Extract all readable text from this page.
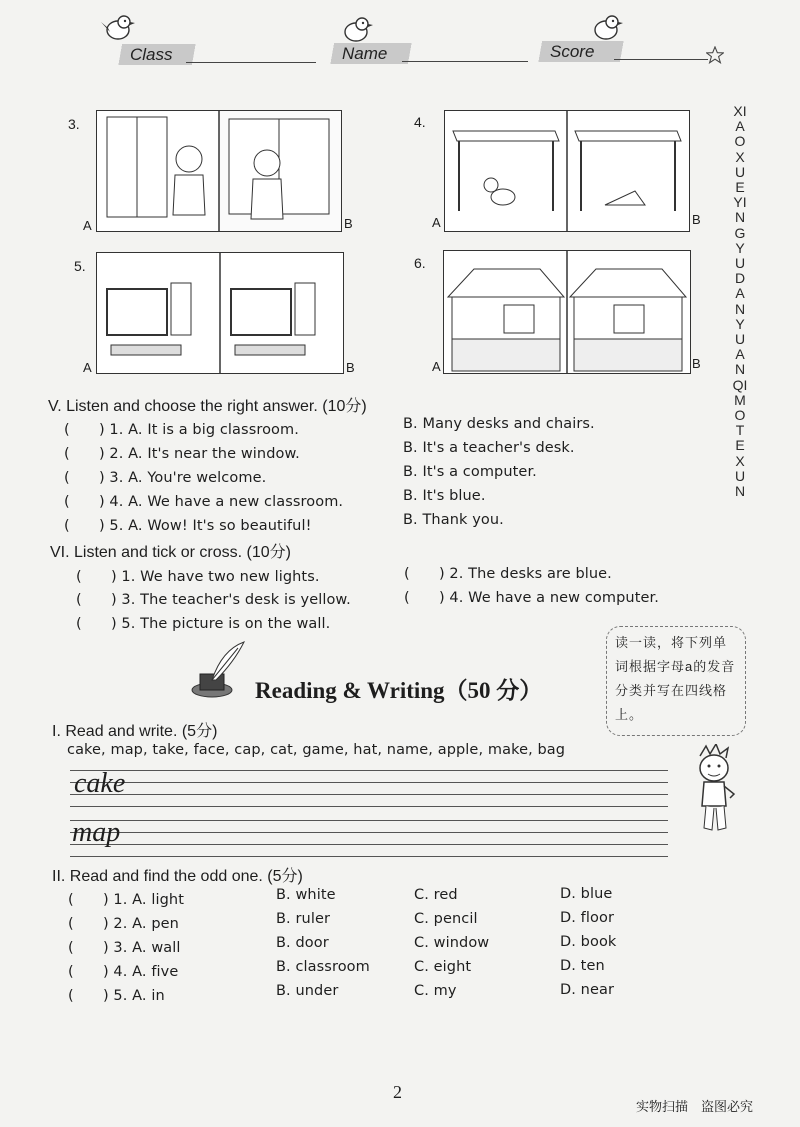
Class	Name	Score
XIAOXUEYINGYUDANYUANQIMOTEXUN
3.
A	B
4.
A	B
5.
A	B
6.
A	B
V. Listen and choose the right answer. (10分)
(　　) 1. A. It is a big classroom.	B. Many desks and chairs.
(　　) 2. A. It's near the window.	B. It's a teacher's desk.
(　　) 3. A. You're welcome.	B. It's a computer.
(　　) 4. A. We have a new classroom.	B. It's blue.
(　　) 5. A. Wow! It's so beautiful!	B. Thank you.
VI. Listen and tick or cross. (10分)
(　　) 1. We have two new lights.	(　　) 2. The desks are blue.
(　　) 3. The teacher's desk is yellow.	(　　) 4. We have a new computer.
(　　) 5. The picture is on the wall.
Reading & Writing（50 分）
读一读，将下列单词根据字母a的发音分类并写在四线格上。
I. Read and write. (5分)
cake, map, take, face, cap, cat, game, hat, name, apple, make, bag
cake
map
II. Read and find the odd one. (5分)
(　　) 1. A. light	B. white	C. red	D. blue
(　　) 2. A. pen	B. ruler	C. pencil	D. floor
(　　) 3. A. wall	B. door	C. window	D. book
(　　) 4. A. five	B. classroom	C. eight	D. ten
(　　) 5. A. in	B. under	C. my	D. near
2
实物扫描　盗图必究
